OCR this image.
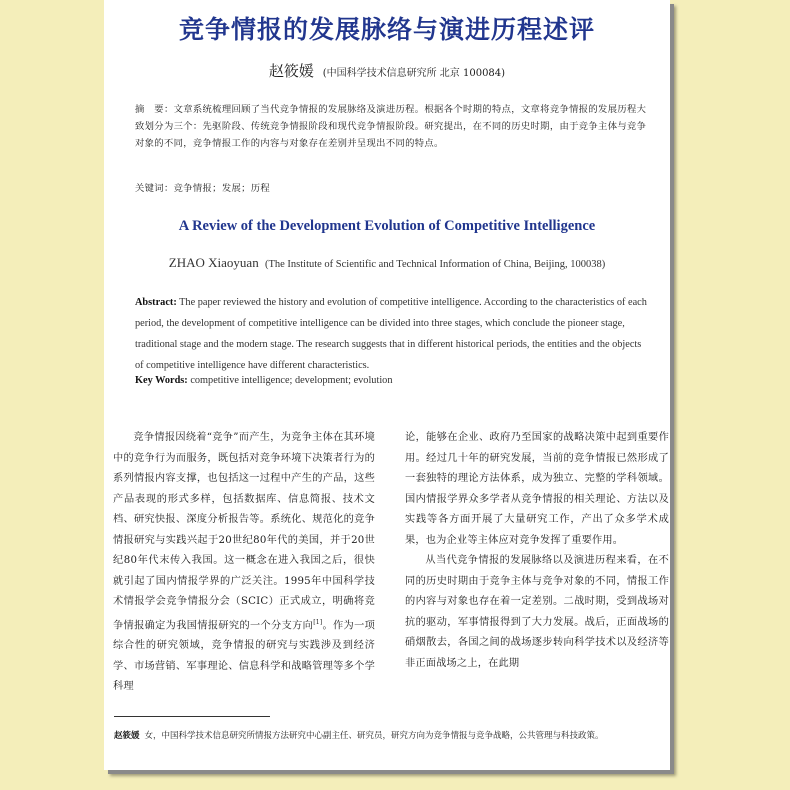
竞争情报的发展脉络与演进历程述评
赵筱媛 (中国科学技术信息研究所 北京 100084)
摘　要：文章系统梳理回顾了当代竞争情报的发展脉络及演进历程。根据各个时期的特点，文章将竞争情报的发展历程大致划分为三个：先驱阶段、传统竞争情报阶段和现代竞争情报阶段。研究提出，在不同的历史时期，由于竞争主体与竞争对象的不同，竞争情报工作的内容与对象存在差别并呈现出不同的特点。
关键词：竞争情报；发展；历程
A Review of the Development Evolution of Competitive Intelligence
ZHAO Xiaoyuan (The Institute of Scientific and Technical Information of China, Beijing, 100038)
Abstract: The paper reviewed the history and evolution of competitive intelligence. According to the characteristics of each period, the development of competitive intelligence can be divided into three stages, which conclude the pioneer stage, traditional stage and the modern stage. The research suggests that in different historical periods, the entities and the objects of competitive intelligence have different characteristics.
Key Words: competitive intelligence; development; evolution

竞争情报因绕着“竞争”而产生，为竞争主体在其环境中的竞争行为而服务，既包括对竞争环境下决策者行为的系列情报内容支撑，也包括这一过程中产生的产品，这些产品表现的形式多样，包括数据库、信息简报、技术文档、研究快报、深度分析报告等。系统化、规范化的竞争情报研究与实践兴起于20世纪80年代的美国，并于20世纪80年代末传入我国。这一概念在进入我国之后，很快就引起了国内情报学界的广泛关注。1995年中国科学技术情报学会竞争情报分会（SCIC）正式成立，明确将竞争情报确定为我国情报研究的一个分支方向[1]。作为一项综合性的研究领域，竞争情报的研究与实践涉及到经济学、市场营销、军事理论、信息科学和战略管理等多个学科理

论，能够在企业、政府乃至国家的战略决策中起到重要作用。经过几十年的研究发展，当前的竞争情报已然形成了一套独特的理论方法体系，成为独立、完整的学科领域。国内情报学界众多学者从竞争情报的相关理论、方法以及实践等各方面开展了大量研究工作，产出了众多学术成果，也为企业等主体应对竞争发挥了重要作用。

从当代竞争情报的发展脉络以及演进历程来看，在不同的历史时期由于竞争主体与竞争对象的不同，情报工作的内容与对象也存在着一定差别。二战时期，受到战场对抗的驱动，军事情报得到了大力发展。战后，正面战场的硝烟散去，各国之间的战场逐步转向科学技术以及经济等非正面战场之上，在此期

赵筱媛 女，中国科学技术信息研究所情报方法研究中心副主任、研究员，研究方向为竞争情报与竞争战略，公共管理与科技政策。
